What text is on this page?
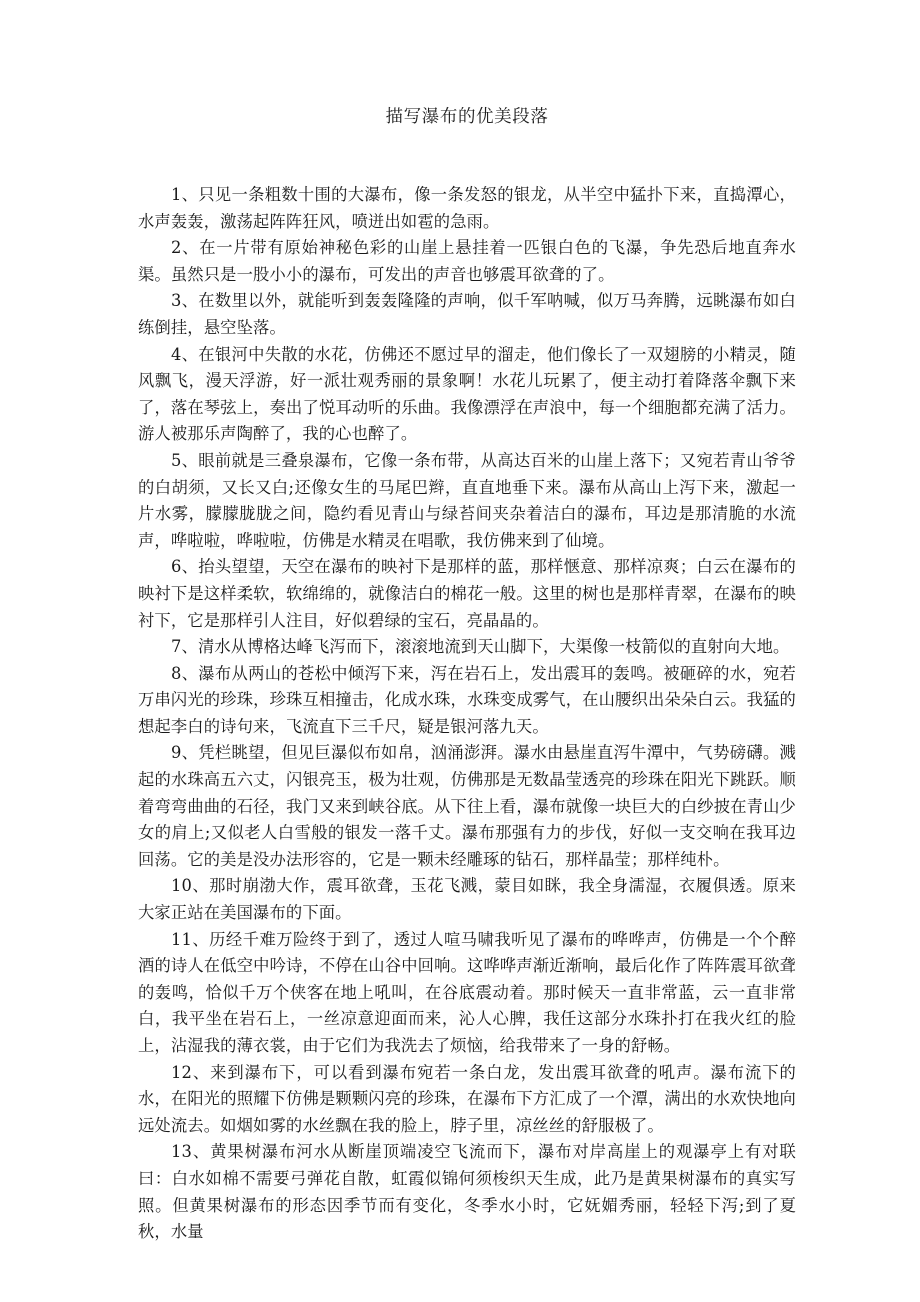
描写瀑布的优美段落

1、只见一条粗数十围的大瀑布，像一条发怒的银龙，从半空中猛扑下来，直捣潭心，水声轰轰，激荡起阵阵狂风，喷迸出如雹的急雨。

2、在一片带有原始神秘色彩的山崖上悬挂着一匹银白色的飞瀑，争先恐后地直奔水渠。虽然只是一股小小的瀑布，可发出的声音也够震耳欲聋的了。

3、在数里以外，就能听到轰轰隆隆的声响，似千军呐喊，似万马奔腾，远眺瀑布如白练倒挂，悬空坠落。

4、在银河中失散的水花，仿佛还不愿过早的溜走，他们像长了一双翅膀的小精灵，随风飘飞，漫天浮游，好一派壮观秀丽的景象啊！水花儿玩累了，便主动打着降落伞飘下来了，落在琴弦上，奏出了悦耳动听的乐曲。我像漂浮在声浪中，每一个细胞都充满了活力。游人被那乐声陶醉了，我的心也醉了。

5、眼前就是三叠泉瀑布，它像一条布带，从高达百米的山崖上落下；又宛若青山爷爷的白胡须，又长又白;还像女生的马尾巴辫，直直地垂下来。瀑布从高山上泻下来，激起一片水雾，朦朦胧胧之间，隐约看见青山与绿苔间夹杂着洁白的瀑布，耳边是那清脆的水流声，哗啦啦，哗啦啦，仿佛是水精灵在唱歌，我仿佛来到了仙境。

6、抬头望望，天空在瀑布的映衬下是那样的蓝，那样惬意、那样凉爽；白云在瀑布的映衬下是这样柔软，软绵绵的，就像洁白的棉花一般。这里的树也是那样青翠，在瀑布的映衬下，它是那样引人注目，好似碧绿的宝石，亮晶晶的。

7、清水从博格达峰飞泻而下，滚滚地流到天山脚下，大渠像一枝箭似的直射向大地。

8、瀑布从两山的苍松中倾泻下来，泻在岩石上，发出震耳的轰鸣。被砸碎的水，宛若万串闪光的珍珠，珍珠互相撞击，化成水珠，水珠变成雾气，在山腰织出朵朵白云。我猛的想起李白的诗句来，飞流直下三千尺，疑是银河落九天。

9、凭栏眺望，但见巨瀑似布如帛，汹涌澎湃。瀑水由悬崖直泻牛潭中，气势磅礴。溅起的水珠高五六丈，闪银亮玉，极为壮观，仿佛那是无数晶莹透亮的珍珠在阳光下跳跃。顺着弯弯曲曲的石径，我门又来到峡谷底。从下往上看，瀑布就像一块巨大的白纱披在青山少女的肩上;又似老人白雪般的银发一落千丈。瀑布那强有力的步伐，好似一支交响在我耳边回荡。它的美是没办法形容的，它是一颗未经雕琢的钻石，那样晶莹；那样纯朴。

10、那时崩渤大作，震耳欲聋，玉花飞溅，蒙目如眯，我全身濡湿，衣履俱透。原来大家正站在美国瀑布的下面。

11、历经千难万险终于到了，透过人喧马啸我听见了瀑布的哗哗声，仿佛是一个个醉酒的诗人在低空中吟诗，不停在山谷中回响。这哗哗声渐近渐响，最后化作了阵阵震耳欲聋的轰鸣，恰似千万个侠客在地上吼叫，在谷底震动着。那时候天一直非常蓝，云一直非常白，我平坐在岩石上，一丝凉意迎面而来，沁人心脾，我任这部分水珠扑打在我火红的脸上，沾湿我的薄衣裳，由于它们为我洗去了烦恼，给我带来了一身的舒畅。

12、来到瀑布下，可以看到瀑布宛若一条白龙，发出震耳欲聋的吼声。瀑布流下的水，在阳光的照耀下仿佛是颗颗闪亮的珍珠，在瀑布下方汇成了一个潭，满出的水欢快地向远处流去。如烟如雾的水丝飘在我的脸上，脖子里，凉丝丝的舒服极了。

13、黄果树瀑布河水从断崖顶端凌空飞流而下，瀑布对岸高崖上的观瀑亭上有对联曰：白水如棉不需要弓弹花自散，虹霞似锦何须梭织天生成，此乃是黄果树瀑布的真实写照。但黄果树瀑布的形态因季节而有变化，冬季水小时，它妩媚秀丽，轻轻下泻;到了夏秋，水量
